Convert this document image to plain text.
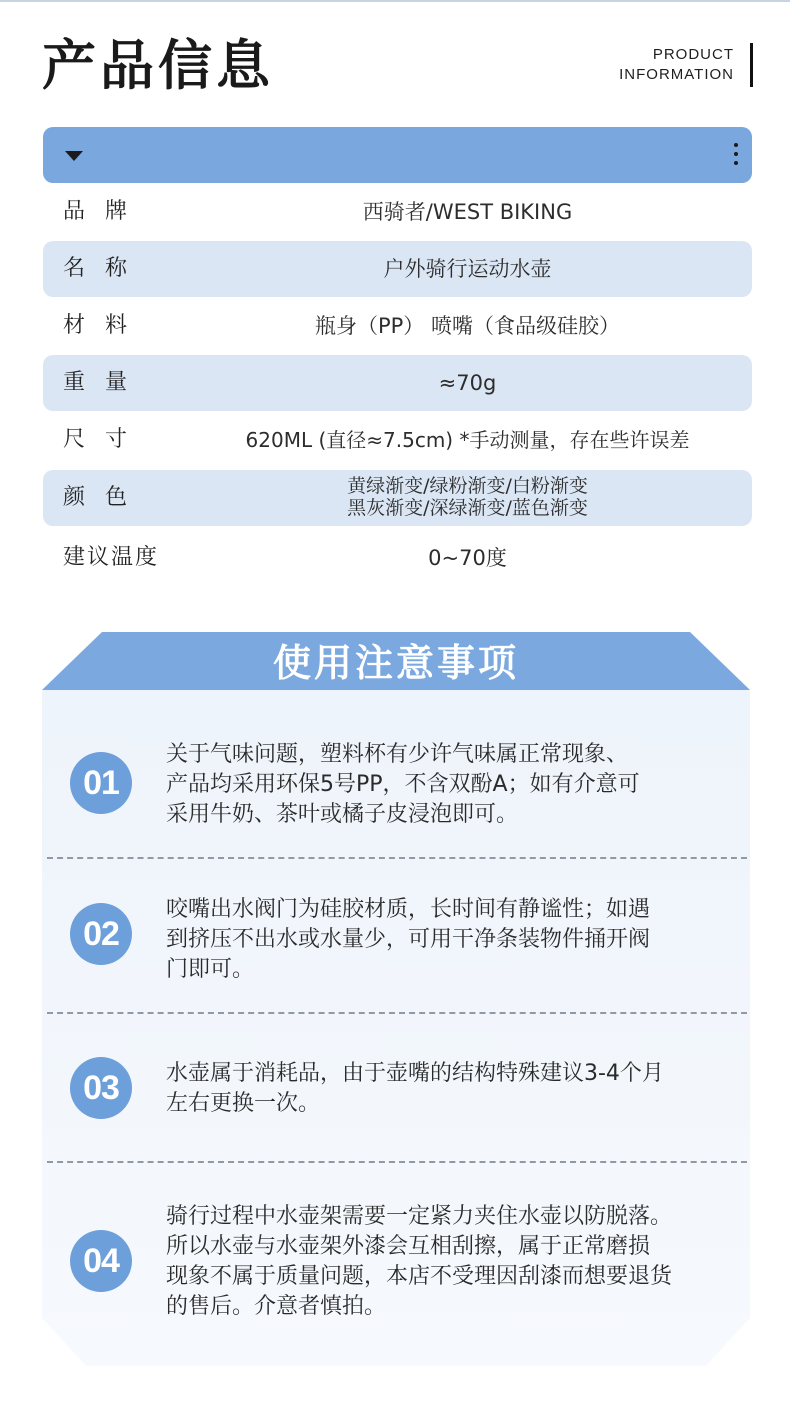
产品信息	PRODUCT
INFORMATION
品牌	西骑者/WEST BIKING
名称	户外骑行运动水壶
材料	瓶身（PP） 喷嘴（食品级硅胶）
重量	≈70g
尺寸	620ML (直径≈7.5cm) *手动测量，存在些许误差
颜色	黄绿渐变/绿粉渐变/白粉渐变
黑灰渐变/深绿渐变/蓝色渐变
建议温度	0~70度
使用注意事项
01
关于气味问题，塑料杯有少许气味属正常现象、
产品均采用环保5号PP，不含双酚A；如有介意可
采用牛奶、茶叶或橘子皮浸泡即可。
02
咬嘴出水阀门为硅胶材质，长时间有静谧性；如遇
到挤压不出水或水量少，可用干净条装物件捅开阀
门即可。
03	水壶属于消耗品，由于壶嘴的结构特殊建议3-4个月
左右更换一次。
04
骑行过程中水壶架需要一定紧力夹住水壶以防脱落。
所以水壶与水壶架外漆会互相刮擦，属于正常磨损
现象不属于质量问题，本店不受理因刮漆而想要退货
的售后。介意者慎拍。
